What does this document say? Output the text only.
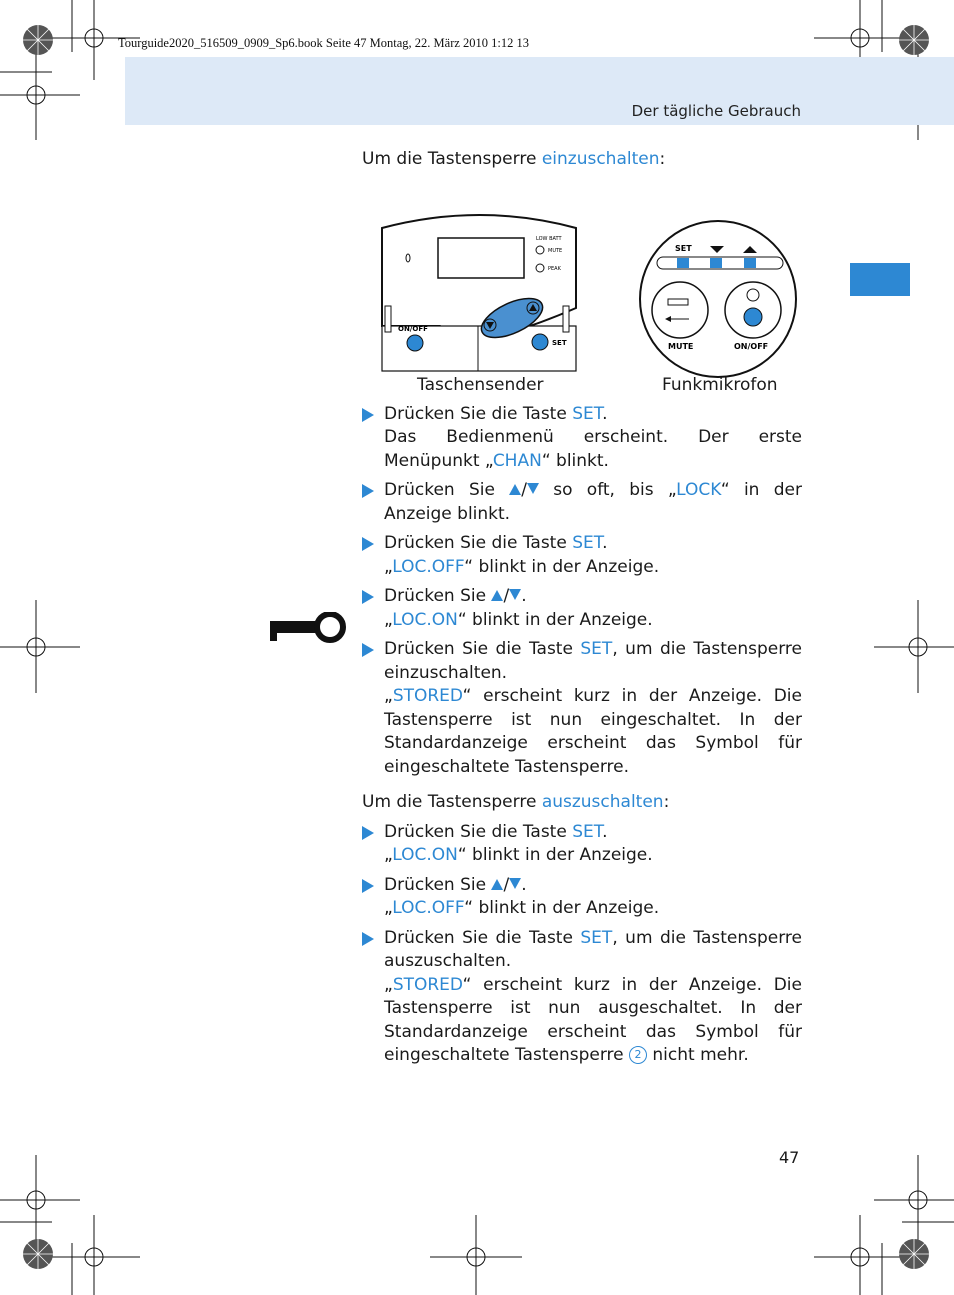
Tourguide2020_516509_0909_Sp6.book Seite 47 Montag, 22. März 2010 1:12 13
Der tägliche Gebrauch

Um die Tastensperre einzuschalten:

LOW BATT
MUTE
PEAK
ON/OFF
SET
SET
MUTE	ON/OFF
Taschensender	Funkmikrofon
Drücken Sie die Taste SET.
Das Bedienmenü erscheint. Der erste Menüpunkt „CHAN“ blinkt.
Drücken Sie / so oft, bis „LOCK“ in der Anzeige blinkt.
Drücken Sie die Taste SET.
„LOC.OFF“ blinkt in der Anzeige.
Drücken Sie / .
„LOC.ON“ blinkt in der Anzeige.
Drücken Sie die Taste SET, um die Tastensperre einzuschalten.
„STORED“ erscheint kurz in der Anzeige. Die Tastensperre ist nun eingeschaltet. In der Standardanzeige erscheint das Symbol für eingeschaltete Tastensperre.

Um die Tastensperre auszuschalten:

Drücken Sie die Taste SET.
„LOC.ON“ blinkt in der Anzeige.
Drücken Sie / .
„LOC.OFF“ blinkt in der Anzeige.
Drücken Sie die Taste SET, um die Tastensperre auszuschalten.
„STORED“ erscheint kurz in der Anzeige. Die Tastensperre ist nun ausgeschaltet. In der Standardanzeige erscheint das Symbol für eingeschaltete Tastensperre 2 nicht mehr.
47
